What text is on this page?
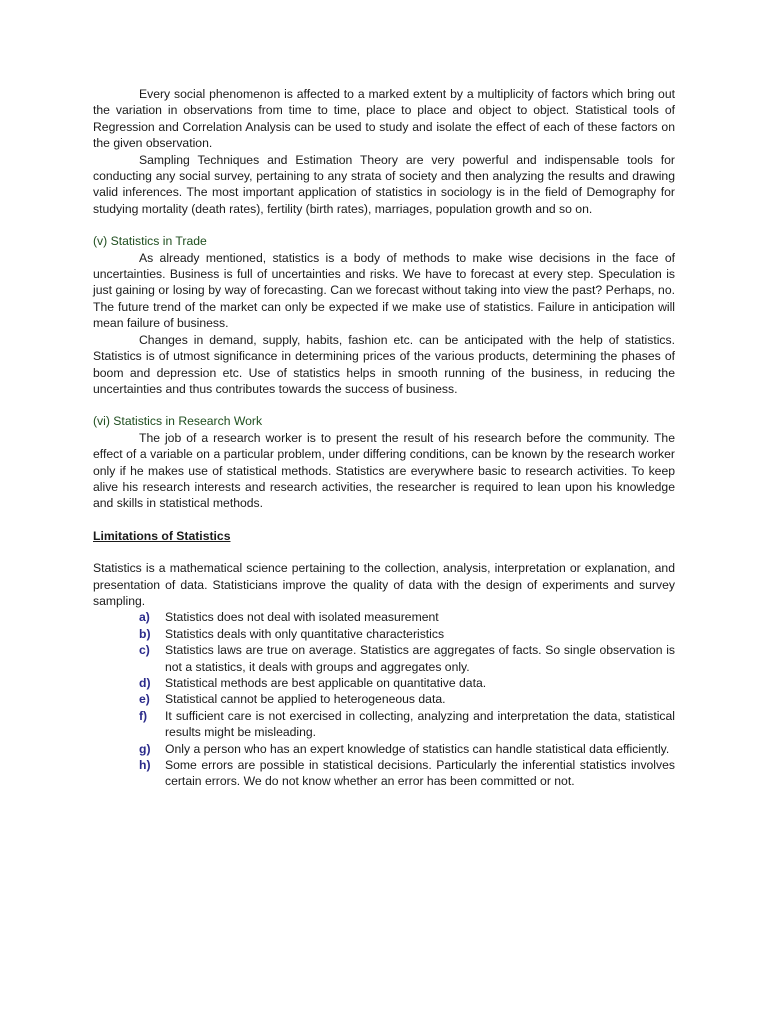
Every social phenomenon is affected to a marked extent by a multiplicity of factors which bring out the variation in observations from time to time, place to place and object to object. Statistical tools of Regression and Correlation Analysis can be used to study and isolate the effect of each of these factors on the given observation.

Sampling Techniques and Estimation Theory are very powerful and indispensable tools for conducting any social survey, pertaining to any strata of society and then analyzing the results and drawing valid inferences. The most important application of statistics in sociology is in the field of Demography for studying mortality (death rates), fertility (birth rates), marriages, population growth and so on.

(v) Statistics in Trade

As already mentioned, statistics is a body of methods to make wise decisions in the face of uncertainties. Business is full of uncertainties and risks. We have to forecast at every step. Speculation is just gaining or losing by way of forecasting. Can we forecast without taking into view the past? Perhaps, no. The future trend of the market can only be expected if we make use of statistics. Failure in anticipation will mean failure of business.

Changes in demand, supply, habits, fashion etc. can be anticipated with the help of statistics. Statistics is of utmost significance in determining prices of the various products, determining the phases of boom and depression etc. Use of statistics helps in smooth running of the business, in reducing the uncertainties and thus contributes towards the success of business.

(vi) Statistics in Research Work

The job of a research worker is to present the result of his research before the community. The effect of a variable on a particular problem, under differing conditions, can be known by the research worker only if he makes use of statistical methods. Statistics are everywhere basic to research activities. To keep alive his research interests and research activities, the researcher is required to lean upon his knowledge and skills in statistical methods.

Limitations of Statistics

Statistics is a mathematical science pertaining to the collection, analysis, interpretation or explanation, and presentation of data. Statisticians improve the quality of data with the design of experiments and survey sampling.

a)	Statistics does not deal with isolated measurement
b)	Statistics deals with only quantitative characteristics
c)	Statistics laws are true on average. Statistics are aggregates of facts. So single observation is not a statistics, it deals with groups and aggregates only.
d)	Statistical methods are best applicable on quantitative data.
e)	Statistical cannot be applied to heterogeneous data.
f)	It sufficient care is not exercised in collecting, analyzing and interpretation the data, statistical results might be misleading.
g)	Only a person who has an expert knowledge of statistics can handle statistical data efficiently.
h)	Some errors are possible in statistical decisions. Particularly the inferential statistics involves certain errors. We do not know whether an error has been committed or not.
